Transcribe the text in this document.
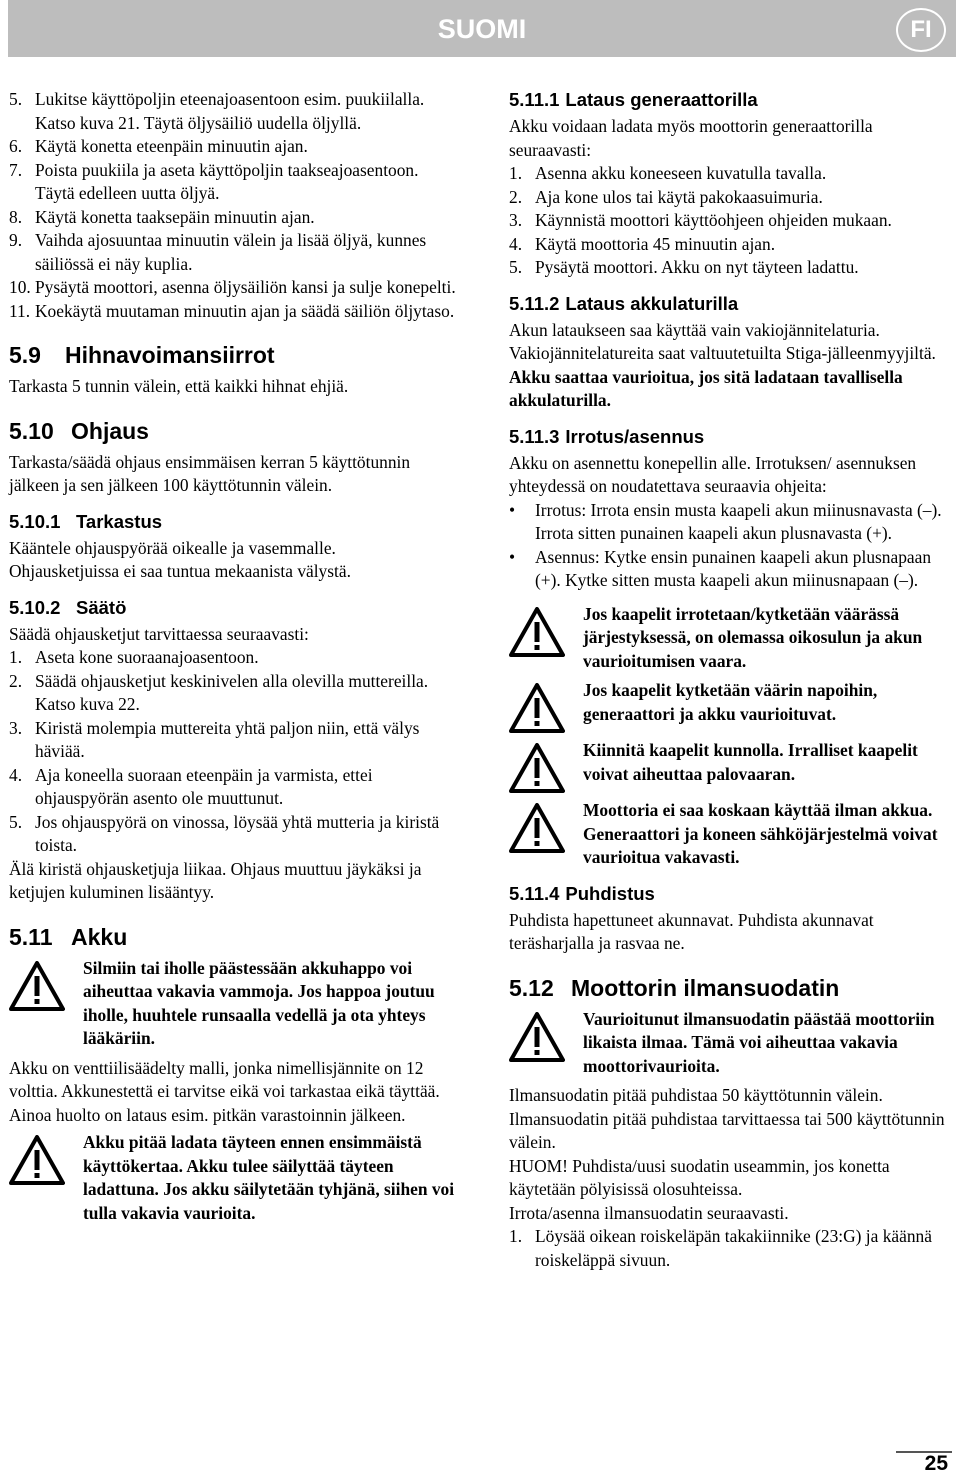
SUOMI	FI
5. Lukitse käyttöpoljin eteenajoasentoon esim. puukiilalla. Katso kuva 21. Täytä öljysäiliö uudella öljyllä.
6. Käytä konetta eteenpäin minuutin ajan.
7. Poista puukiila ja aseta käyttöpoljin taakseajoasentoon. Täytä edelleen uutta öljyä.
8. Käytä konetta taaksepäin minuutin ajan.
9. Vaihda ajosuuntaa minuutin välein ja lisää öljyä, kunnes säiliössä ei näy kuplia.
10. Pysäytä moottori, asenna öljysäiliön kansi ja sulje konepelti.
11. Koekäytä muutaman minuutin ajan ja säädä säiliön öljytaso.
5.9	Hihnavoimansiirrot

Tarkasta 5 tunnin välein, että kaikki hihnat ehjiä.

5.10 Ohjaus

Tarkasta/säädä ohjaus ensimmäisen kerran 5 käyttötunnin jälkeen ja sen jälkeen 100 käyttötunnin välein.

5.10.1 Tarkastus

Kääntele ohjauspyörää oikealle ja vasemmalle.

Ohjausketjuissa ei saa tuntua mekaanista välystä.

5.10.2 Säätö

Säädä ohjausketjut tarvittaessa seuraavasti:

1. Aseta kone suoraanajoasentoon.
2. Säädä ohjausketjut keskinivelen alla olevilla muttereilla. Katso kuva 22.
3. Kiristä molempia muttereita yhtä paljon niin, että välys häviää.
4. Aja koneella suoraan eteenpäin ja varmista, ettei ohjauspyörän asento ole muuttunut.
5. Jos ohjauspyörä on vinossa, löysää yhtä mutteria ja kiristä toista.

Älä kiristä ohjausketjuja liikaa. Ohjaus muuttuu jäykäksi ja ketjujen kuluminen lisääntyy.

5.11 Akku
Silmiin tai iholle päästessään akkuhappo voi aiheuttaa vakavia vammoja. Jos happoa joutuu iholle, huuhtele runsaalla vedellä ja ota yhteys lääkäriin.

Akku on venttiilisäädelty malli, jonka nimellisjännite on 12 volttia. Akkunestettä ei tarvitse eikä voi tarkastaa eikä täyttää. Ainoa huolto on lataus esim. pitkän varastoinnin jälkeen.

Akku pitää ladata täyteen ennen ensimmäistä käyttökertaa. Akku tulee säilyttää täyteen ladattuna. Jos akku säilytetään tyhjänä, siihen voi tulla vakavia vaurioita.
5.11.1 Lataus generaattorilla

Akku voidaan ladata myös moottorin generaattorilla seuraavasti:

1. Asenna akku koneeseen kuvatulla tavalla.
2. Aja kone ulos tai käytä pakokaasuimuria.
3. Käynnistä moottori käyttöohjeen ohjeiden mukaan.
4. Käytä moottoria 45 minuutin ajan.
5. Pysäytä moottori. Akku on nyt täyteen ladattu.
5.11.2 Lataus akkulaturilla

Akun lataukseen saa käyttää vain vakiojännitelaturia.

Vakiojännitelatureita saat valtuutetuilta Stiga-jälleenmyyjiltä.

Akku saattaa vaurioitua, jos sitä ladataan tavallisella akkulaturilla.

5.11.3 Irrotus/asennus

Akku on asennettu konepellin alle. Irrotuksen/ asennuksen yhteydessä on noudatettava seuraavia ohjeita:

•	Irrotus: Irrota ensin musta kaapeli akun miinusnavasta (–). Irrota sitten punainen kaapeli akun plusnavasta (+).
•	Asennus: Kytke ensin punainen kaapeli akun plusnapaan (+). Kytke sitten musta kaapeli akun miinusnapaan (–).
Jos kaapelit irrotetaan/kytketään väärässä järjestyksessä, on olemassa oikosulun ja akun vaurioitumisen vaara.
Jos kaapelit kytketään väärin napoihin, generaattori ja akku vaurioituvat.
Kiinnitä kaapelit kunnolla. Irralliset kaapelit voivat aiheuttaa palovaaran.
Moottoria ei saa koskaan käyttää ilman akkua. Generaattori ja koneen sähköjärjestelmä voivat vaurioitua vakavasti.
5.11.4 Puhdistus

Puhdista hapettuneet akunnavat. Puhdista akunnavat teräsharjalla ja rasvaa ne.

5.12 Moottorin ilmansuodatin
Vaurioitunut ilmansuodatin päästää moottoriin likaista ilmaa. Tämä voi aiheuttaa vakavia moottorivaurioita.

Ilmansuodatin pitää puhdistaa 50 käyttötunnin välein. Ilmansuodatin pitää puhdistaa tarvittaessa tai 500 käyttötunnin välein.

HUOM! Puhdista/uusi suodatin useammin, jos konetta käytetään pölyisissä olosuhteissa.

Irrota/asenna ilmansuodatin seuraavasti.

1. Löysää oikean roiskeläpän takakiinnike (23:G) ja käännä roiskeläppä sivuun.
25
